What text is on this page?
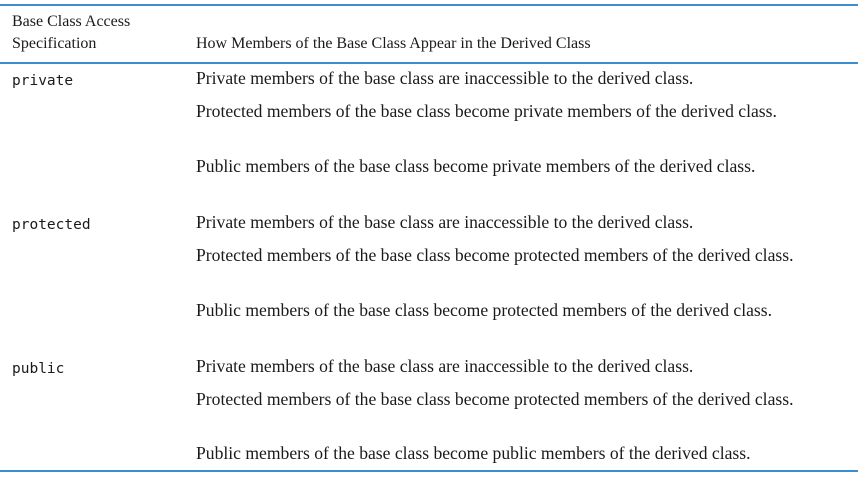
Base Class Access Specification	How Members of the Base Class Appear in the Derived Class
private	Private members of the base class are inaccessible to the derived class.
Protected members of the base class become private members of the derived class.
Public members of the base class become private members of the derived class.
protected	Private members of the base class are inaccessible to the derived class.
Protected members of the base class become protected members of the derived class.
Public members of the base class become protected members of the derived class.
public	Private members of the base class are inaccessible to the derived class.
Protected members of the base class become protected members of the derived class.
Public members of the base class become public members of the derived class.
